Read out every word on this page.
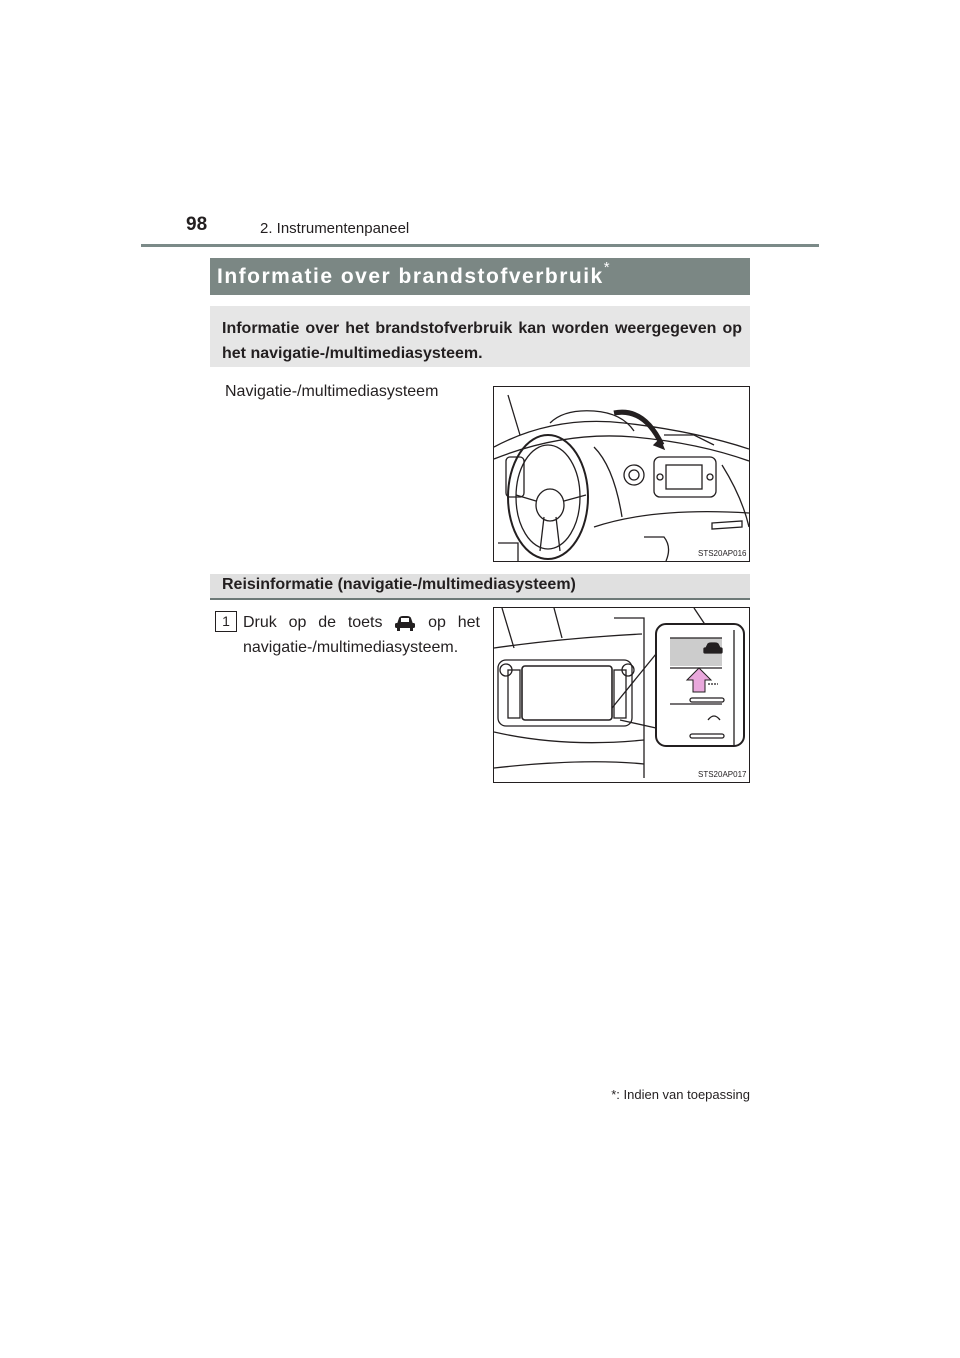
98	2. Instrumentenpaneel
Informatie over brandstofverbruik*
Informatie over het brandstofverbruik kan worden weergegeven op het navigatie-/multimediasysteem.
Navigatie-/multimediasysteem
STS20AP016
Reisinformatie (navigatie-/multimediasysteem)
1 Druk op de toets	op het
navigatie-/multimediasysteem.
STS20AP017
*: Indien van toepassing
